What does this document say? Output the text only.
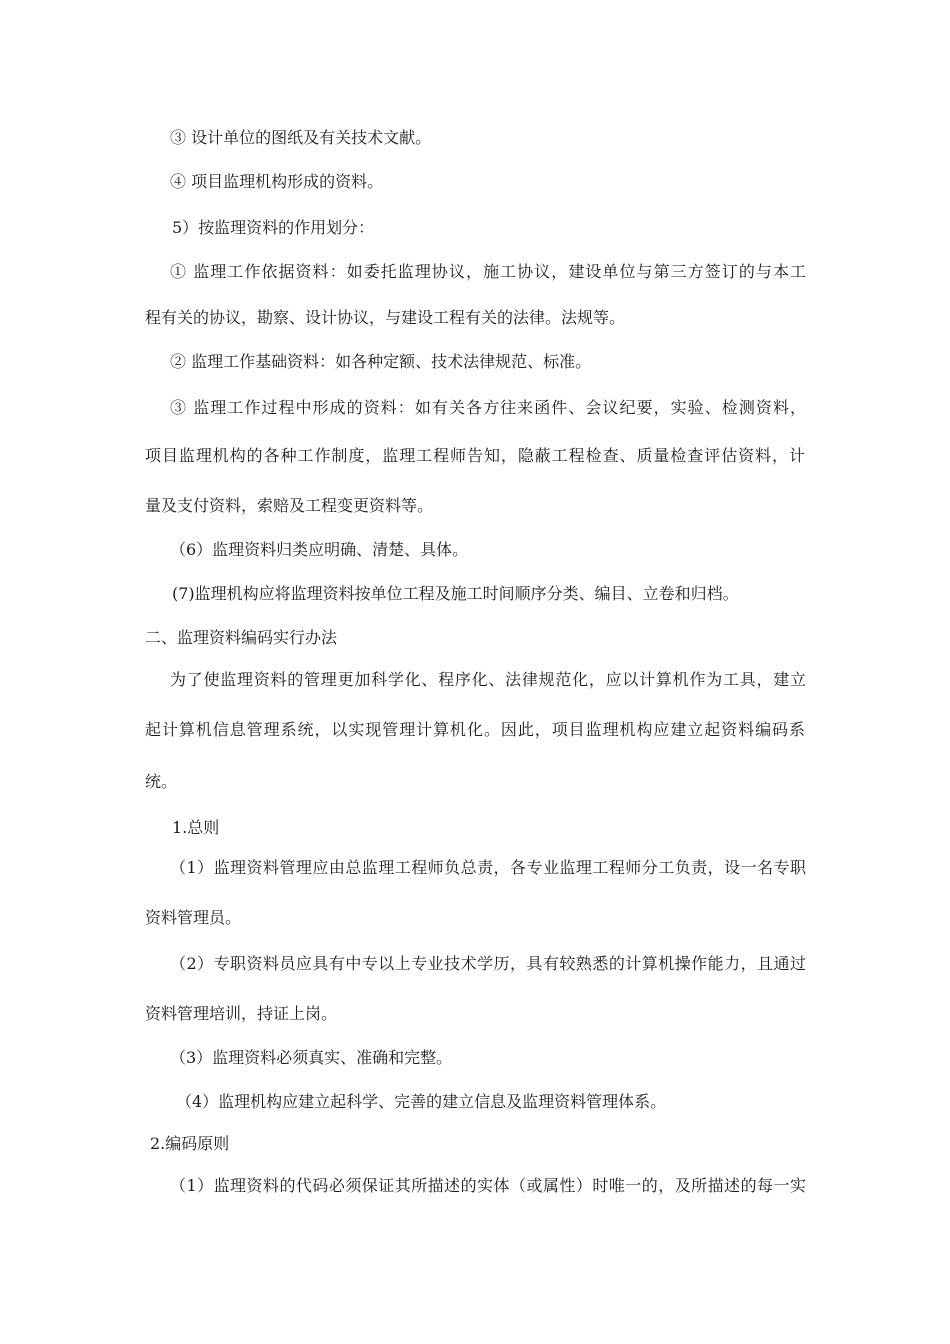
③ 设计单位的图纸及有关技术文献。
④ 项目监理机构形成的资料。
5）按监理资料的作用划分：
① 监理工作依据资料：如委托监理协议，施工协议，建设单位与第三方签订的与本工
程有关的协议，勘察、设计协议，与建设工程有关的法律。法规等。
② 监理工作基础资料：如各种定额、技术法律规范、标准。
③ 监理工作过程中形成的资料：如有关各方往来函件、会议纪要，实验、检测资料，
项目监理机构的各种工作制度，监理工程师告知，隐蔽工程检查、质量检查评估资料，计
量及支付资料，索赔及工程变更资料等。
（6）监理资料归类应明确、清楚、具体。
(7)监理机构应将监理资料按单位工程及施工时间顺序分类、编目、立卷和归档。
二、监理资料编码实行办法
为了使监理资料的管理更加科学化、程序化、法律规范化，应以计算机作为工具，建立
起计算机信息管理系统，以实现管理计算机化。因此，项目监理机构应建立起资料编码系
统。
1.总则
（1）监理资料管理应由总监理工程师负总责，各专业监理工程师分工负责，设一名专职
资料管理员。
（2）专职资料员应具有中专以上专业技术学历，具有较熟悉的计算机操作能力，且通过
资料管理培训，持证上岗。
（3）监理资料必须真实、准确和完整。
（4）监理机构应建立起科学、完善的建立信息及监理资料管理体系。
2.编码原则
（1）监理资料的代码必须保证其所描述的实体（或属性）时唯一的，及所描述的每一实
